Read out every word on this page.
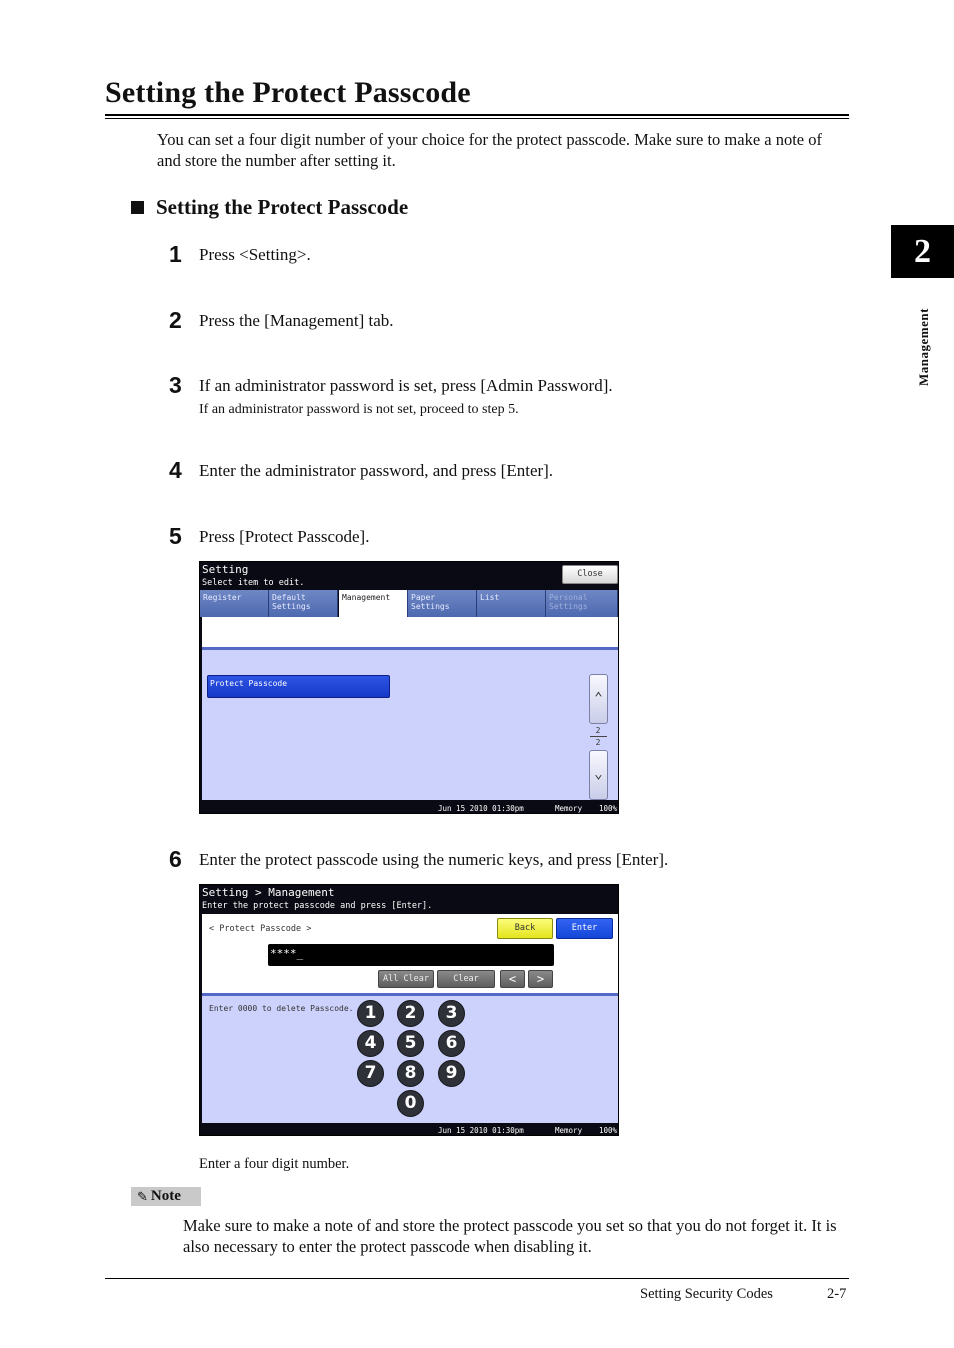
Setting the Protect Passcode
You can set a four digit number of your choice for the protect passcode. Make sure to make a note of and store the number after setting it.
Setting the Protect Passcode
2
Management
1 Press <Setting>.
2 Press the [Management] tab.
3 If an administrator password is set, press [Admin Password].
If an administrator password is not set, proceed to step 5.
4 Enter the administrator password, and press [Enter].
5 Press [Protect Passcode].
Setting
Select item to edit.
Close
Register	Default
Settings
Management	Paper
Settings
List	Personal
Settings
Protect Passcode
⌃
2
2
⌄
Jun 15 2010 01:30pm	Memory 100%
6 Enter the protect passcode using the numeric keys, and press [Enter].
Setting > Management
Enter the protect passcode and press [Enter].
< Protect Passcode >	Back	Enter
****_
All Clear	Clear	<	>
Enter 0000 to delete Passcode. 1	2	3
4	5	6
7	8	9
0
Jun 15 2010 01:30pm	Memory 100%
Enter a four digit number.
✎ Note
Make sure to make a note of and store the protect passcode you set so that you do not forget it. It is also necessary to enter the protect passcode when disabling it.
Setting Security Codes	2-7
